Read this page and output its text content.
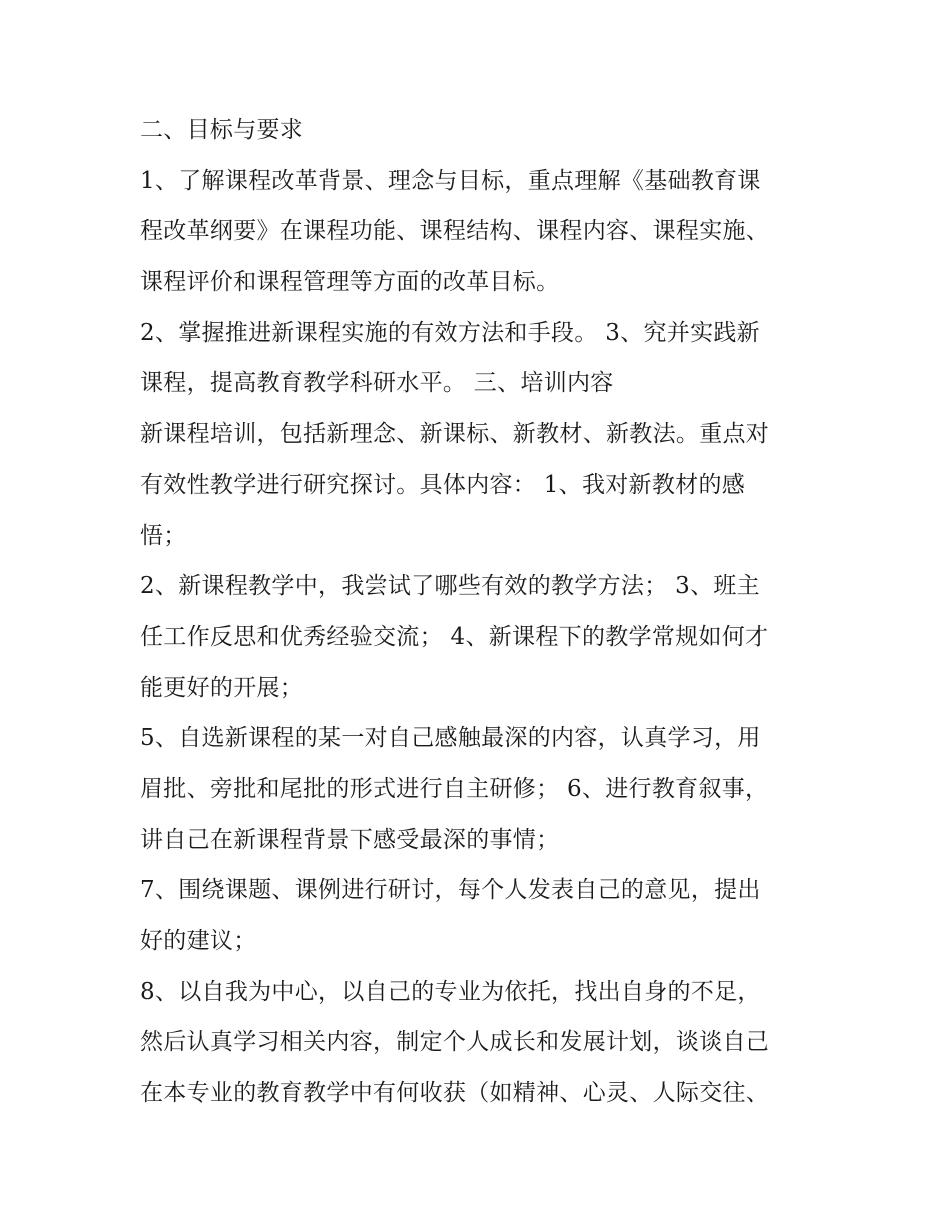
二、目标与要求
1、了解课程改革背景、理念与目标，重点理解《基础教育课
程改革纲要》在课程功能、课程结构、课程内容、课程实施、
课程评价和课程管理等方面的改革目标。
2、掌握推进新课程实施的有效方法和手段。 3、究并实践新
课程，提高教育教学科研水平。 三、培训内容
新课程培训，包括新理念、新课标、新教材、新教法。重点对
有效性教学进行研究探讨。具体内容： 1、我对新教材的感
悟；
2、新课程教学中，我尝试了哪些有效的教学方法； 3、班主
任工作反思和优秀经验交流； 4、新课程下的教学常规如何才
能更好的开展；
5、自选新课程的某一对自己感触最深的内容，认真学习，用
眉批、旁批和尾批的形式进行自主研修； 6、进行教育叙事，
讲自己在新课程背景下感受最深的事情；
7、围绕课题、课例进行研讨，每个人发表自己的意见，提出
好的建议；
8、以自我为中心，以自己的专业为依托，找出自身的不足，
然后认真学习相关内容，制定个人成长和发展计划，谈谈自己
在本专业的教育教学中有何收获（如精神、心灵、人际交往、
